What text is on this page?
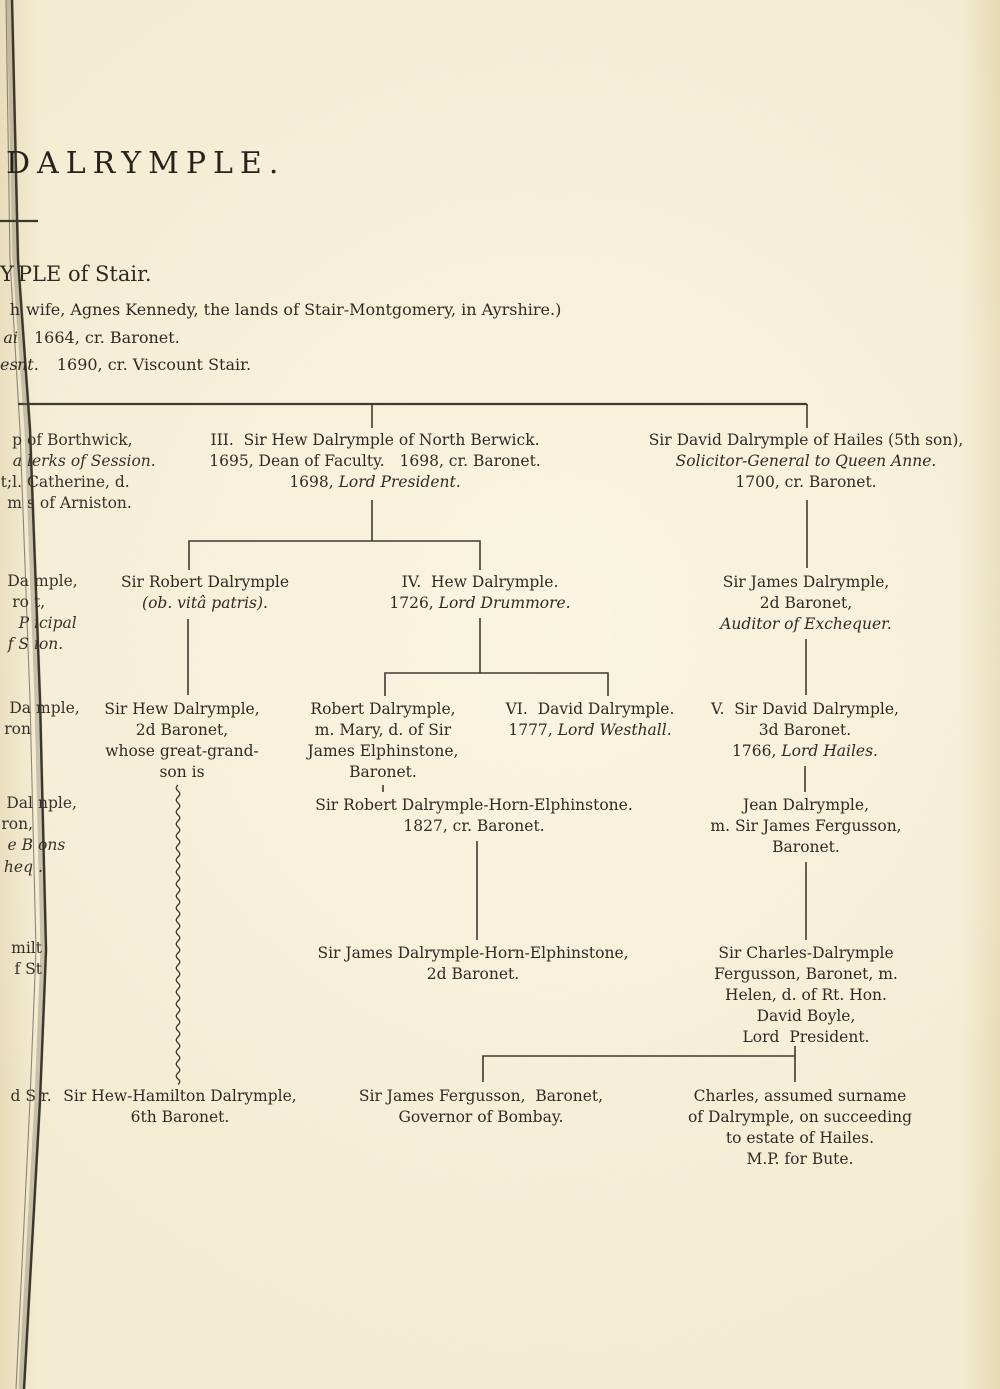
DALRYMPLE.
Y PLE of Stair.
h wife, Agnes Kennedy, the lands of Stair-Montgomery, in Ayrshire.)
ai 1664, cr. Baronet.
esnt. 1690, cr. Viscount Stair.
p of Borthwick,
a lerks of Session.
t;l. Catherine, d.
m s of Arniston.
Da mple,
ro t,
P icipal
f S ion.
Da mple,
ron
Dal nple,
ron,
e B ons
heq .
milt
f St
d S r.
III.  Sir Hew Dalrymple of North Berwick.
1695, Dean of Faculty.   1698, cr. Baronet.
1698, Lord President.
Sir David Dalrymple of Hailes (5th son),
Solicitor-General to Queen Anne.
1700, cr. Baronet.
Sir Robert Dalrymple
(ob. vitâ patris).
IV.  Hew Dalrymple.
1726, Lord Drummore.
Sir James Dalrymple,
2d Baronet,
Auditor of Exchequer.
Sir Hew Dalrymple,
2d Baronet,
whose great-grand-
son is
Robert Dalrymple,
m. Mary, d. of Sir
James Elphinstone,
Baronet.
VI.  David Dalrymple.
1777, Lord Westhall.
V.  Sir David Dalrymple,
3d Baronet.
1766, Lord Hailes.
Sir Robert Dalrymple-Horn-Elphinstone.
1827, cr. Baronet.
Jean Dalrymple,
m. Sir James Fergusson,
Baronet.
Sir James Dalrymple-Horn-Elphinstone,
2d Baronet.
Sir Charles-Dalrymple
Fergusson, Baronet, m.
Helen, d. of Rt. Hon.
David Boyle,
Lord  President.
Sir Hew-Hamilton Dalrymple,
6th Baronet.
Sir James Fergusson,  Baronet,
Governor of Bombay.
Charles, assumed surname
of Dalrymple, on succeeding
to estate of Hailes.
M.P. for Bute.
